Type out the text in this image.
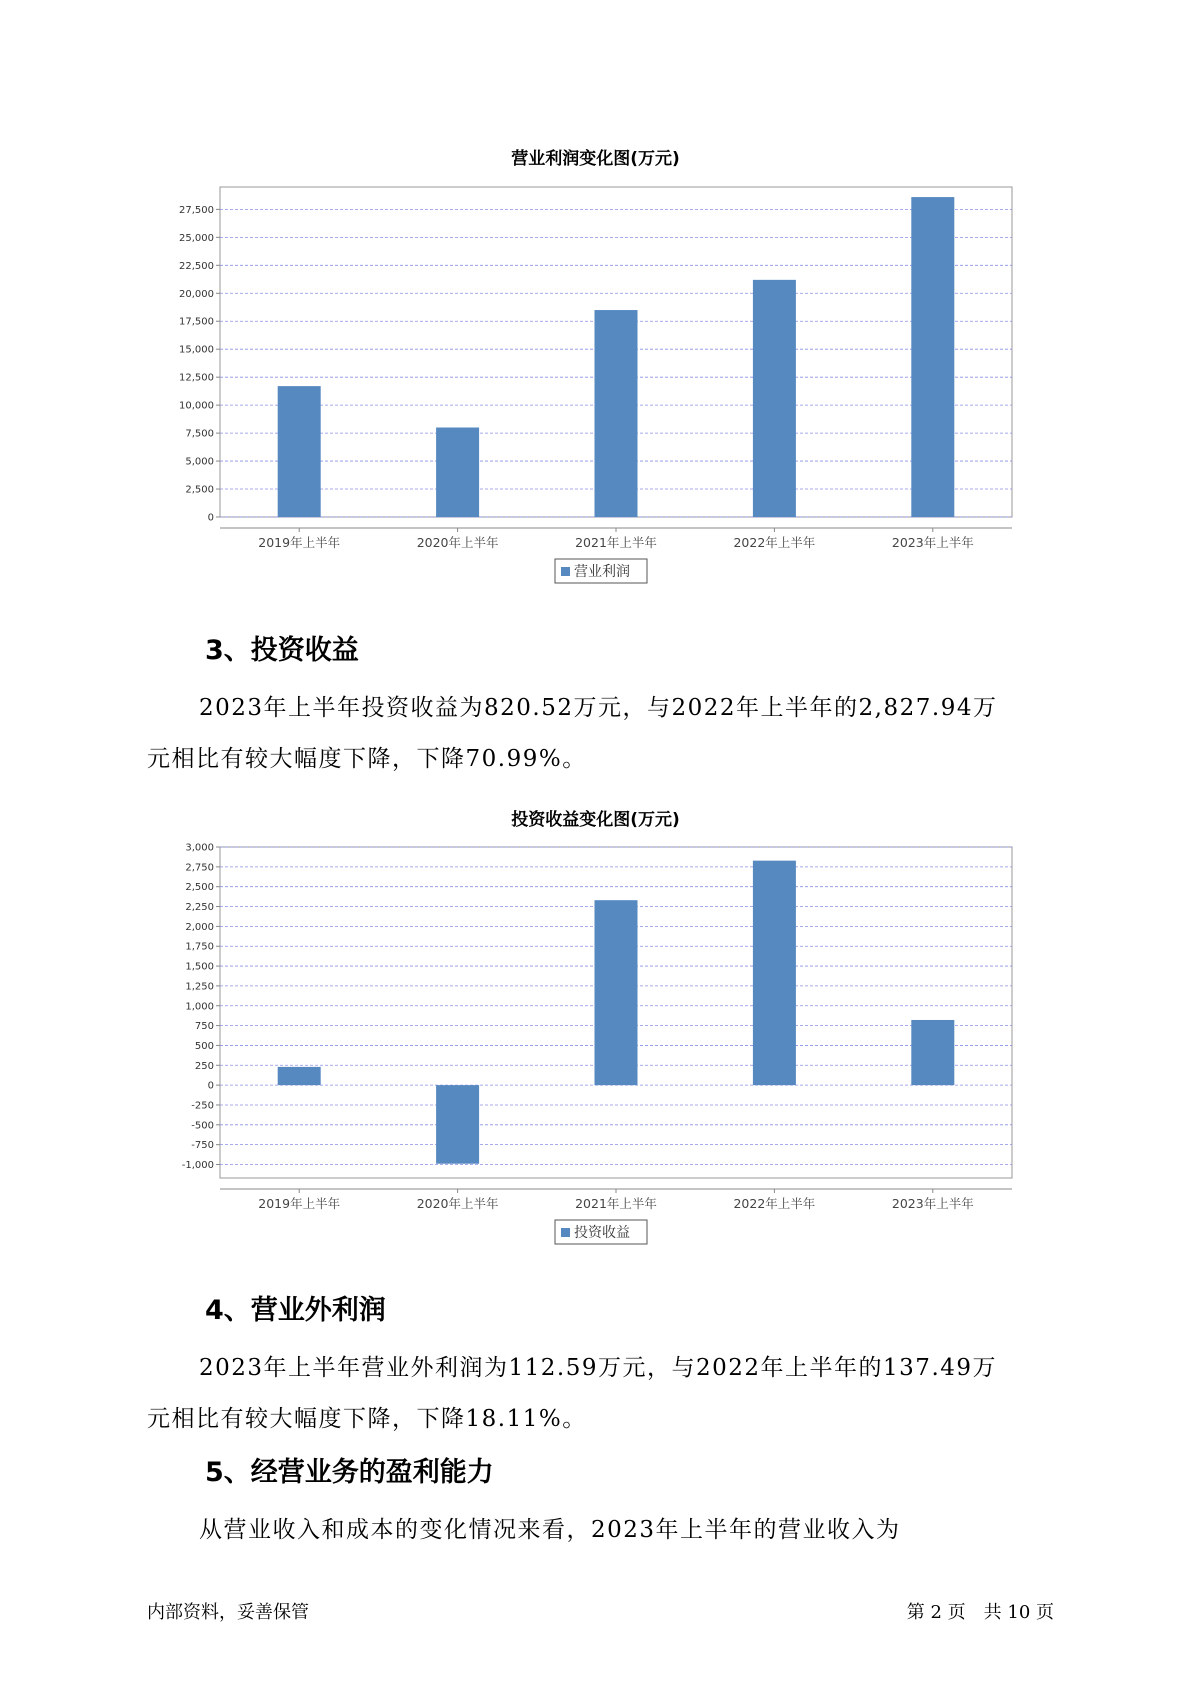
营业利润变化图(万元)
0
2,500
5,000
7,500
10,000
12,500
15,000
17,500
20,000
22,500
25,000
27,500
2019年上半年	2020年上半年	2021年上半年	2022年上半年	2023年上半年
营业利润
3、投资收益

2023年上半年投资收益为820.52万元，与2022年上半年的2,827.94万
元相比有较大幅度下降，下降70.99%。

投资收益变化图(万元)
-1,000
-750
-500
-250
0
250
500
750
1,000
1,250
1,500
1,750
2,000
2,250
2,500
2,750
3,000
2019年上半年	2020年上半年	2021年上半年	2022年上半年	2023年上半年
投资收益
4、营业外利润

2023年上半年营业外利润为112.59万元，与2022年上半年的137.49万
元相比有较大幅度下降，下降18.11%。

5、经营业务的盈利能力

从营业收入和成本的变化情况来看，2023年上半年的营业收入为

内部资料，妥善保管	第 2 页　共 10 页
